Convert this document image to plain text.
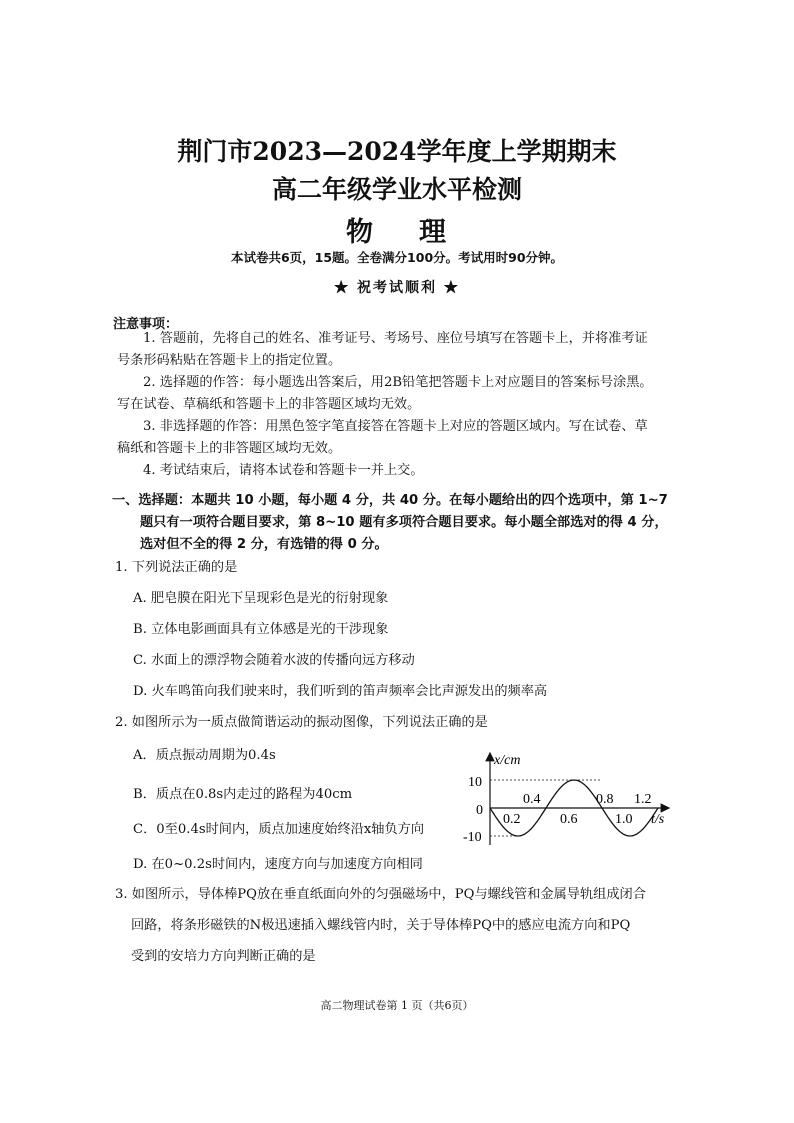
荆门市2023—2024学年度上学期期末
高二年级学业水平检测
物 理
本试卷共6页，15题。全卷满分100分。考试用时90分钟。
★ 祝考试顺利 ★
注意事项：
1. 答题前，先将自己的姓名、准考证号、考场号、座位号填写在答题卡上，并将准考证
号条形码粘贴在答题卡上的指定位置。
2. 选择题的作答：每小题选出答案后，用2B铅笔把答题卡上对应题目的答案标号涂黑。
写在试卷、草稿纸和答题卡上的非答题区域均无效。
3. 非选择题的作答：用黑色签字笔直接答在答题卡上对应的答题区域内。写在试卷、草
稿纸和答题卡上的非答题区域均无效。
4. 考试结束后，请将本试卷和答题卡一并上交。
一、选择题：本题共 10 小题，每小题 4 分，共 40 分。在每小题给出的四个选项中，第 1~7
题只有一项符合题目要求，第 8~10 题有多项符合题目要求。每小题全部选对的得 4 分，
选对但不全的得 2 分，有选错的得 0 分。
1. 下列说法正确的是
A. 肥皂膜在阳光下呈现彩色是光的衍射现象
B. 立体电影画面具有立体感是光的干涉现象
C. 水面上的漂浮物会随着水波的传播向远方移动
D. 火车鸣笛向我们驶来时，我们听到的笛声频率会比声源发出的频率高
2. 如图所示为一质点做简谐运动的振动图像，下列说法正确的是
A．质点振动周期为0.4s
B．质点在0.8s内走过的路程为40cm
C．0至0.4s时间内，质点加速度始终沿x轴负方向
D. 在0~0.2s时间内，速度方向与加速度方向相同
x/cm
10
0
-10
0.4	0.8 1.2
0.2	0.6	1.0 t/s
3. 如图所示，导体棒PQ放在垂直纸面向外的匀强磁场中，PQ与螺线管和金属导轨组成闭合
回路，将条形磁铁的N极迅速插入螺线管内时，关于导体棒PQ中的感应电流方向和PQ
受到的安培力方向判断正确的是
高二物理试卷第 1 页（共6页）
